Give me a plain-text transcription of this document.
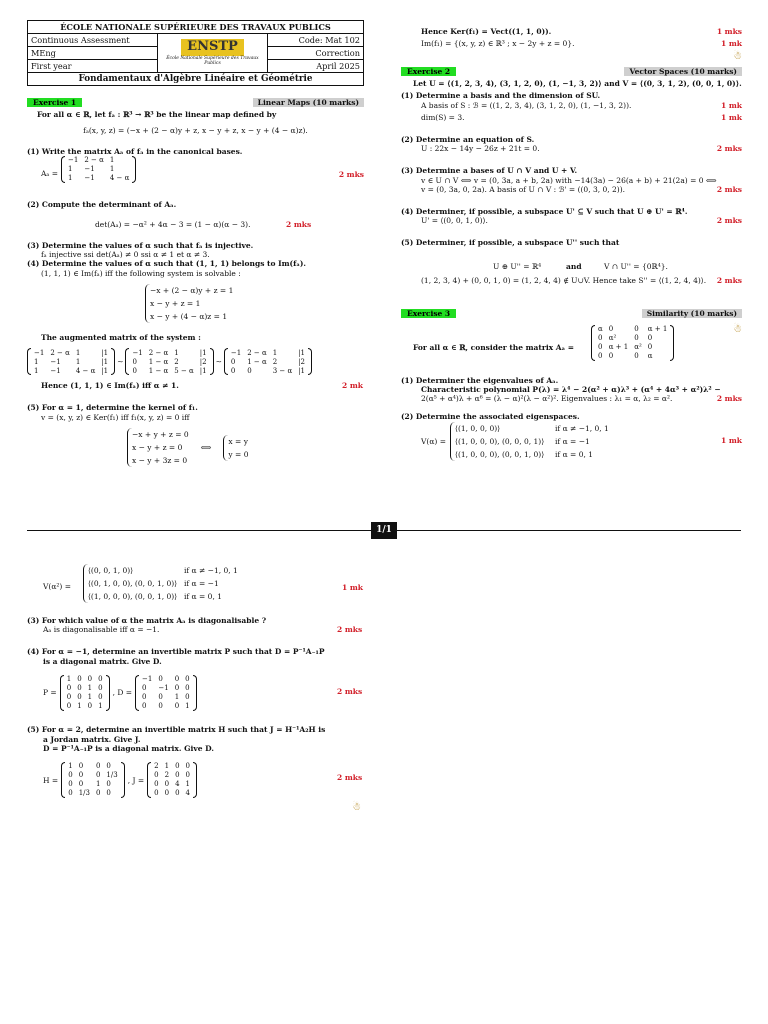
ÉCOLE NATIONALE SUPÉRIEURE DES TRAVAUX PUBLICS		
Continuous Assessment	ENSTP
École Nationale Supérieure des Travaux Publics	Code: Mat 102
MEng		Correction
First year		April 2025
Fondamentaux d'Algèbre Linéaire et Géométrie		
Exercise 1	Linear Maps (10 marks)
For all α ∈ ℝ, let fₐ : ℝ³ → ℝ³ be the linear map defined by
fₐ(x, y, z) = (−x + (2 − α)y + z, x − y + z, x − y + (4 − α)z).
(1) Write the matrix Aₐ of fₐ in the canonical bases.
Aₐ =
−1	2 − α	1
1	−1	1
1	−1	4 − α	2 mks
(2) Compute the determinant of Aₐ.
det(Aₐ) = −α² + 4α − 3 = (1 − α)(α − 3).	2 mks
(3) Determine the values of α such that fₐ is injective.
fₐ injective ssi det(Aₐ) ≠ 0 ssi α ≠ 1 et α ≠ 3.
(4) Determine the values of α such that (1, 1, 1) belongs to Im(fₐ).
(1, 1, 1) ∈ Im(fₐ) iff the following system is solvable :
−x + (2 − α)y + z = 1
x − y + z = 1
x − y + (4 − α)z = 1
The augmented matrix of the system :
−1	2 − α	1	|1
1	−1	1	|1
1	−1	4 − α	|1
∼
−1	2 − α	1	|1
0	1 − α	2	|2
0	1 − α	5 − α	|1
∼
−1	2 − α	1	|1
0	1 − α	2	|2
0	0	3 − α	|1
Hence (1, 1, 1) ∈ Im(fₐ) iff α ≠ 1.	2 mk
(5) For α = 1, determine the kernel of f₁.
v = (x, y, z) ∈ Ker(f₁) iff f₁(x, y, z) = 0 iff
−x + y + z = 0
x − y + z = 0
x − y + 3z = 0
⟺
x = y
y = 0
Hence Ker(f₁) = Vect((1, 1, 0)).	1 mks
Im(f₁) = {(x, y, z) ∈ ℝ³ ; x − 2y + z = 0}.	1 mk
☃
Exercise 2	Vector Spaces (10 marks)
Let U = ⟨(1, 2, 3, 4), (3, 1, 2, 0), (1, −1, 3, 2)⟩ and V = ⟨(0, 3, 1, 2), (0, 0, 1, 0)⟩.
(1) Determine a basis and the dimension of SU.
A basis of S : ℬ = ((1, 2, 3, 4), (3, 1, 2, 0), (1, −1, 3, 2)).	1 mk
dim(S) = 3.	1 mk
(2) Determine an equation of S.
U : 22x − 14y − 26z + 21t = 0.	2 mks
(3) Determine a bases of U ∩ V and U + V.
v ∈ U ∩ V ⟺ v = (0, 3a, a + b, 2a) with −14(3a) − 26(a + b) + 21(2a) = 0 ⟺
v = (0, 3a, 0, 2a). A basis of U ∩ V : ℬ' = ((0, 3, 0, 2)).	2 mks
(4) Determiner, if possible, a subspace U' ⊆ V such that U ⊕ U' = ℝ⁴.
U' = ⟨(0, 0, 1, 0)⟩.	2 mks
(5) Determiner, if possible, a subspace U'' such that
U ⊕ U'' = ℝ⁴	and	V ∩ U'' = {0ℝ⁴}.
(1, 2, 3, 4) + (0, 0, 1, 0) = (1, 2, 4, 4) ∉ U∪V. Hence take S'' = ⟨(1, 2, 4, 4)⟩. 2 mks
☃
Exercise 3	Similarity (10 marks)
For all α ∈ ℝ, consider the matrix Aₐ =
α	0	0	α + 1
0	α²	0	0
0	α + 1	α²	0
0	0	0	α
(1) Determiner the eigenvalues of Aₐ.
Characteristic polynomial P(λ) = λ⁴ − 2(α² + α)λ³ + (α⁴ + 4α³ + α²)λ² −
2(α⁵ + α⁴)λ + α⁶ = (λ − α)²(λ − α²)². Eigenvalues : λ₁ = α, λ₂ = α².	2 mks
(2) Determine the associated eigenspaces.
V(α) =
⟨(1, 0, 0, 0)⟩	if α ≠ −1, 0, 1
⟨(1, 0, 0, 0), (0, 0, 0, 1)⟩ if α = −1
⟨(1, 0, 0, 0), (0, 0, 1, 0)⟩ if α = 0, 1
1 mk
1/1
V(α²) =
⟨(0, 0, 1, 0)⟩	if α ≠ −1, 0, 1
⟨(0, 1, 0, 0), (0, 0, 1, 0)⟩ if α = −1
⟨(1, 0, 0, 0), (0, 0, 1, 0)⟩ if α = 0, 1
1 mk
(3) For which value of α the matrix Aₐ is diagonalisable ?
Aₐ is diagonalisable iff α = −1.	2 mks
(4) For α = −1, determine an invertible matrix P such that D = P⁻¹A₋₁P
is a diagonal matrix. Give D.
P =
1	0	0	0
0	0	1	0
0	0	1	0
0	1	0	1
, D =
−1	0	0	0
0	−1	0	0
0	0	1	0
0	0	0	1
2 mks
(5) For α = 2, determine an invertible matrix H such that J = H⁻¹A₂H is
a Jordan matrix. Give J.
D = P⁻¹A₋₁P is a diagonal matrix. Give D.
H =
1	0	0	0
0	0	0	1/3
0	0	1	0
0	1/3	0	0
, J =
2	1	0	0
0	2	0	0
0	0	4	1
0	0	0	4
2 mks
☃
